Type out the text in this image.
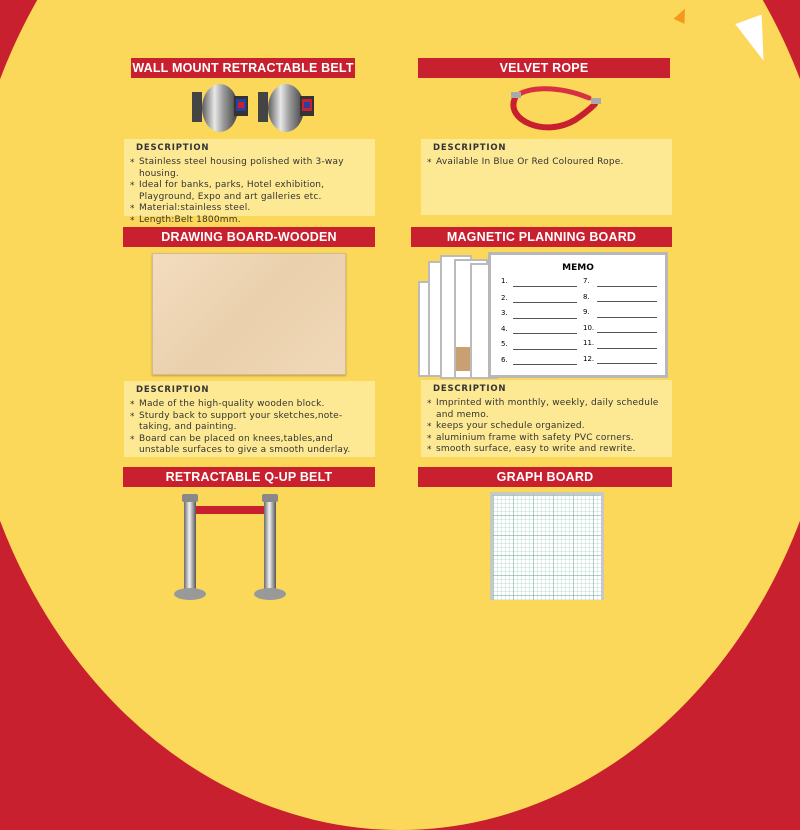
WALL MOUNT RETRACTABLE BELT
DESCRIPTION
* Stainless steel housing polished with 3-way housing.
* Ideal for banks, parks, Hotel exhibition, Playground, Expo and art galleries etc.
* Material:stainless steel.
* Length:Belt 1800mm.
VELVET ROPE
DESCRIPTION
* Available In Blue Or Red Coloured Rope.
DRAWING BOARD-WOODEN
DESCRIPTION
* Made of the high-quality wooden block.
* Sturdy back to support your sketches,note-taking, and painting.
* Board can be placed on knees,tables,and unstable surfaces to give a smooth underlay.
MAGNETIC PLANNING BOARD
MEMO
1.
2.
3.
4.
5.
6.
7.
8.
9.
10.
11.
12.
DESCRIPTION
* Imprinted with monthly, weekly, daily schedule and memo.
* keeps your schedule organized.
* aluminium frame with safety PVC corners.
* smooth surface, easy to write and rewrite.
RETRACTABLE Q-UP BELT	GRAPH BOARD
